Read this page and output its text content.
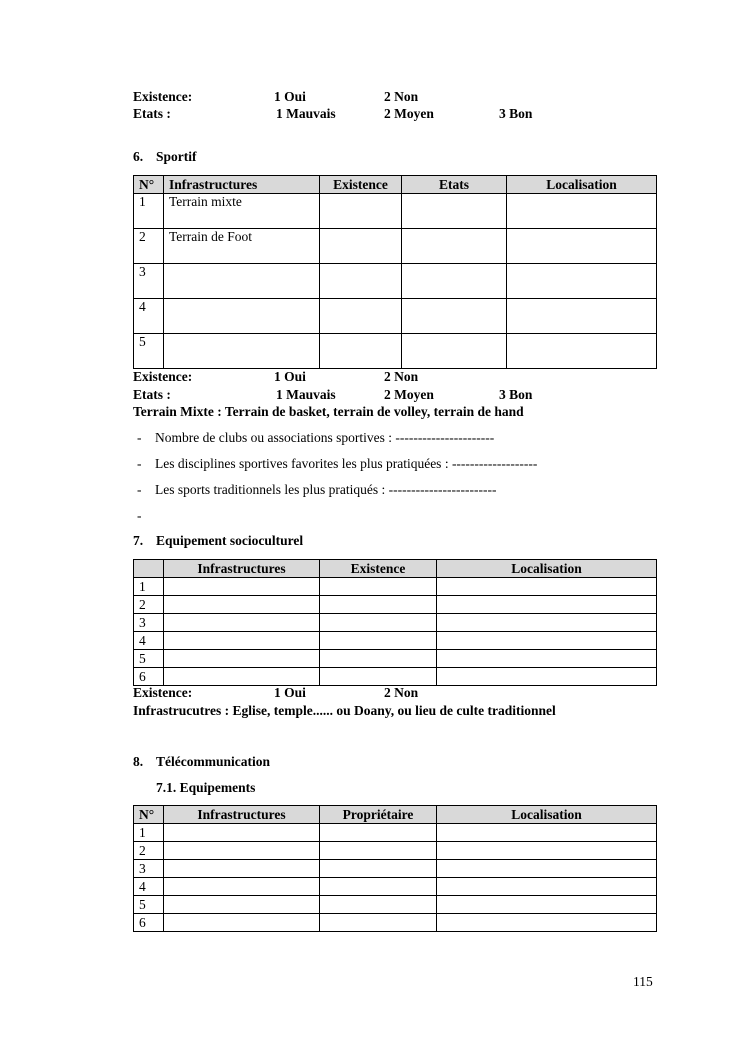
Existence:	1 Oui	2 Non
Etats :	1 Mauvais	2 Moyen	3 Bon
6. Sportif
N°	Infrastructures	Existence	Etats	Localisation
1	Terrain mixte			
2	Terrain de Foot			
3				
4				
5				
Existence:	1 Oui	2 Non
Etats :	1 Mauvais	2 Moyen	3 Bon
Terrain Mixte : Terrain de basket, terrain de volley, terrain de hand
- Nombre de clubs ou associations sportives : ----------------------
- Les disciplines sportives favorites les plus pratiquées : -------------------
- Les sports traditionnels les plus pratiqués : ------------------------
-
7. Equipement socioculturel
	Infrastructures	Existence	Localisation
1			
2			
3			
4			
5			
6			
Existence:	1 Oui	2 Non
Infrastrucutres : Eglise, temple...... ou Doany, ou lieu de culte traditionnel
8. Télécommunication
7.1. Equipements
N°	Infrastructures	Propriétaire	Localisation
1			
2			
3			
4			
5			
6			
115
